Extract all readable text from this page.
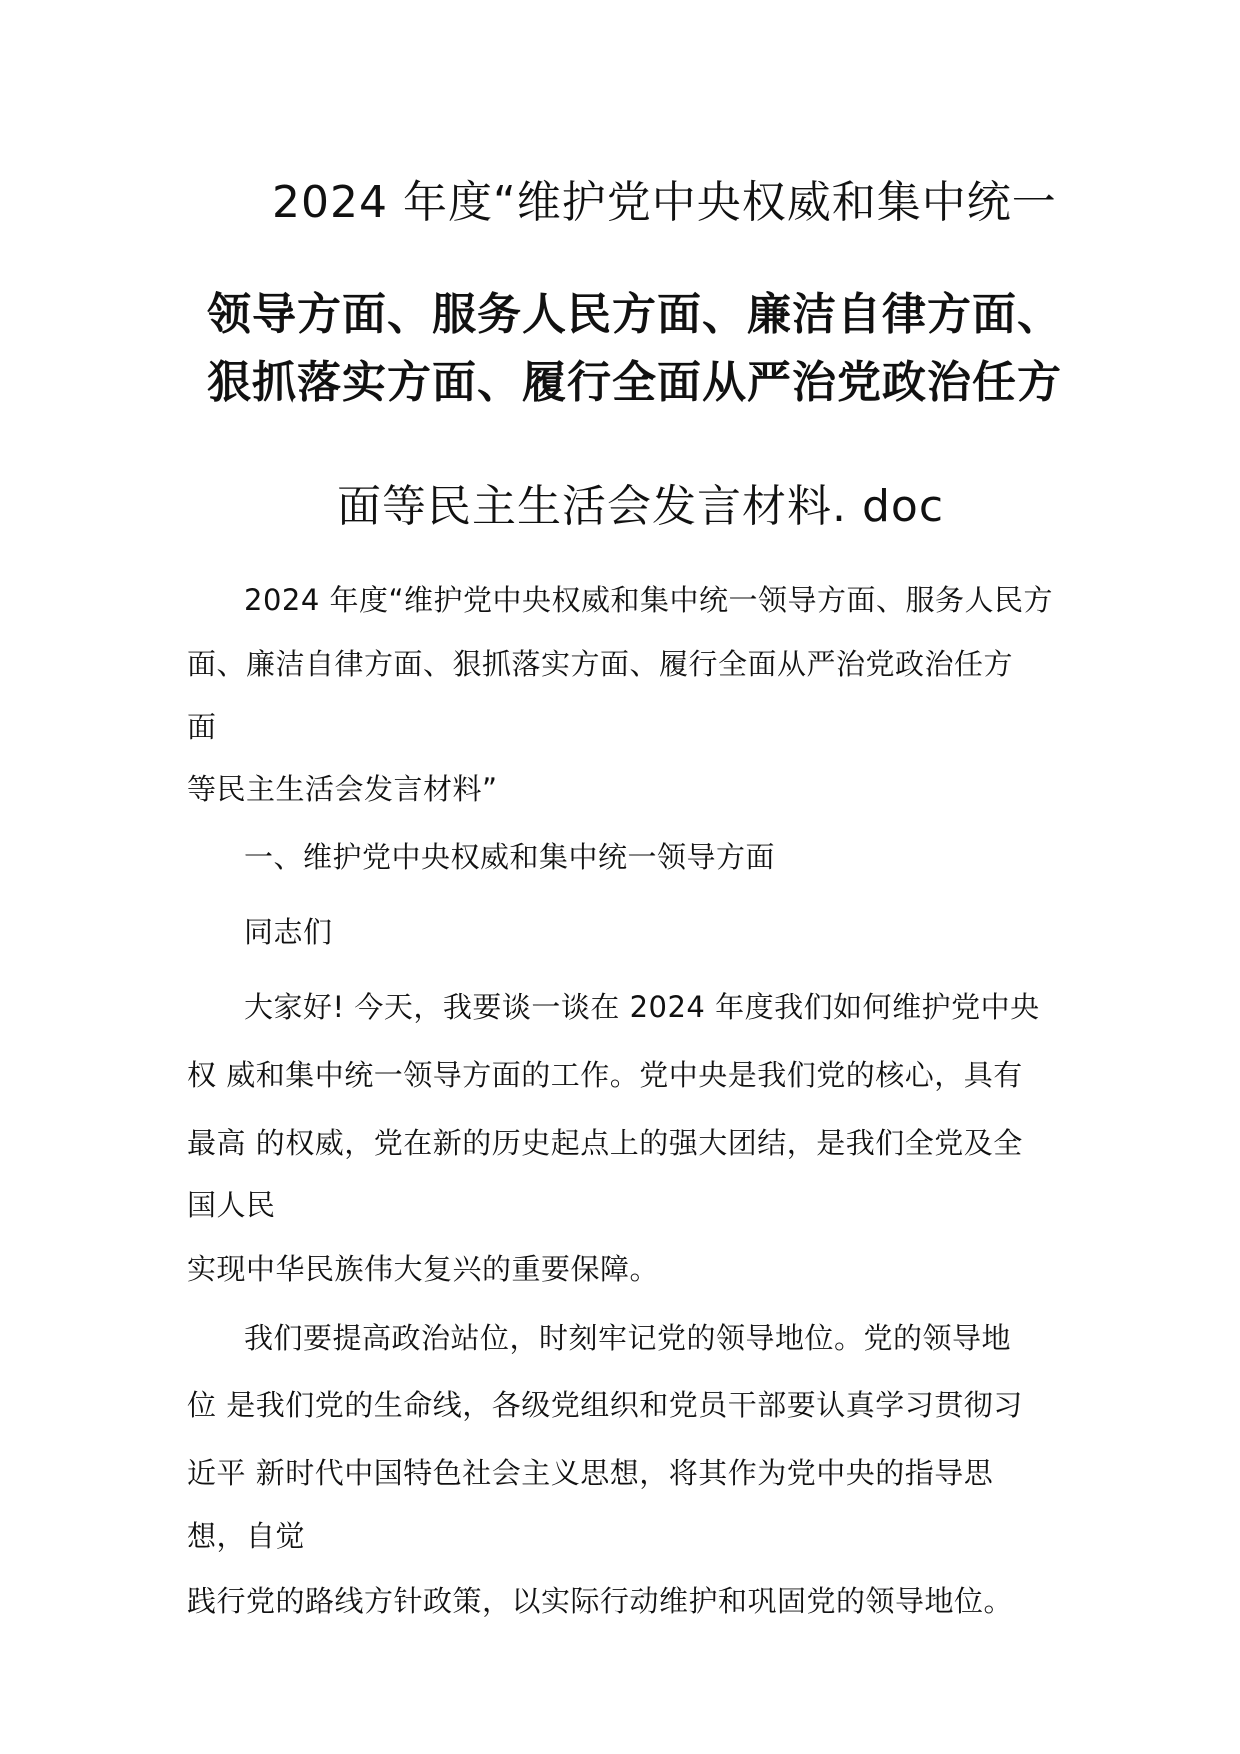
2024 年度“维护党中央权威和集中统一

领导方面、服务人民方面、廉洁自律方面、

狠抓落实方面、履行全面从严治党政治任方

面等民主生活会发言材料. doc

2024 年度“维护党中央权威和集中统一领导方面、服务人民方

面、廉洁自律方面、狠抓落实方面、履行全面从严治党政治任方

面

等民主生活会发言材料”

一、维护党中央权威和集中统一领导方面

同志们

大家好! 今天，我要谈一谈在 2024 年度我们如何维护党中央

权 威和集中统一领导方面的工作。党中央是我们党的核心，具有

最高 的权威，党在新的历史起点上的强大团结，是我们全党及全

国人民

实现中华民族伟大复兴的重要保障。

我们要提高政治站位，时刻牢记党的领导地位。党的领导地

位 是我们党的生命线，各级党组织和党员干部要认真学习贯彻习

近平 新时代中国特色社会主义思想，将其作为党中央的指导思

想，自觉

践行党的路线方针政策，以实际行动维护和巩固党的领导地位。
